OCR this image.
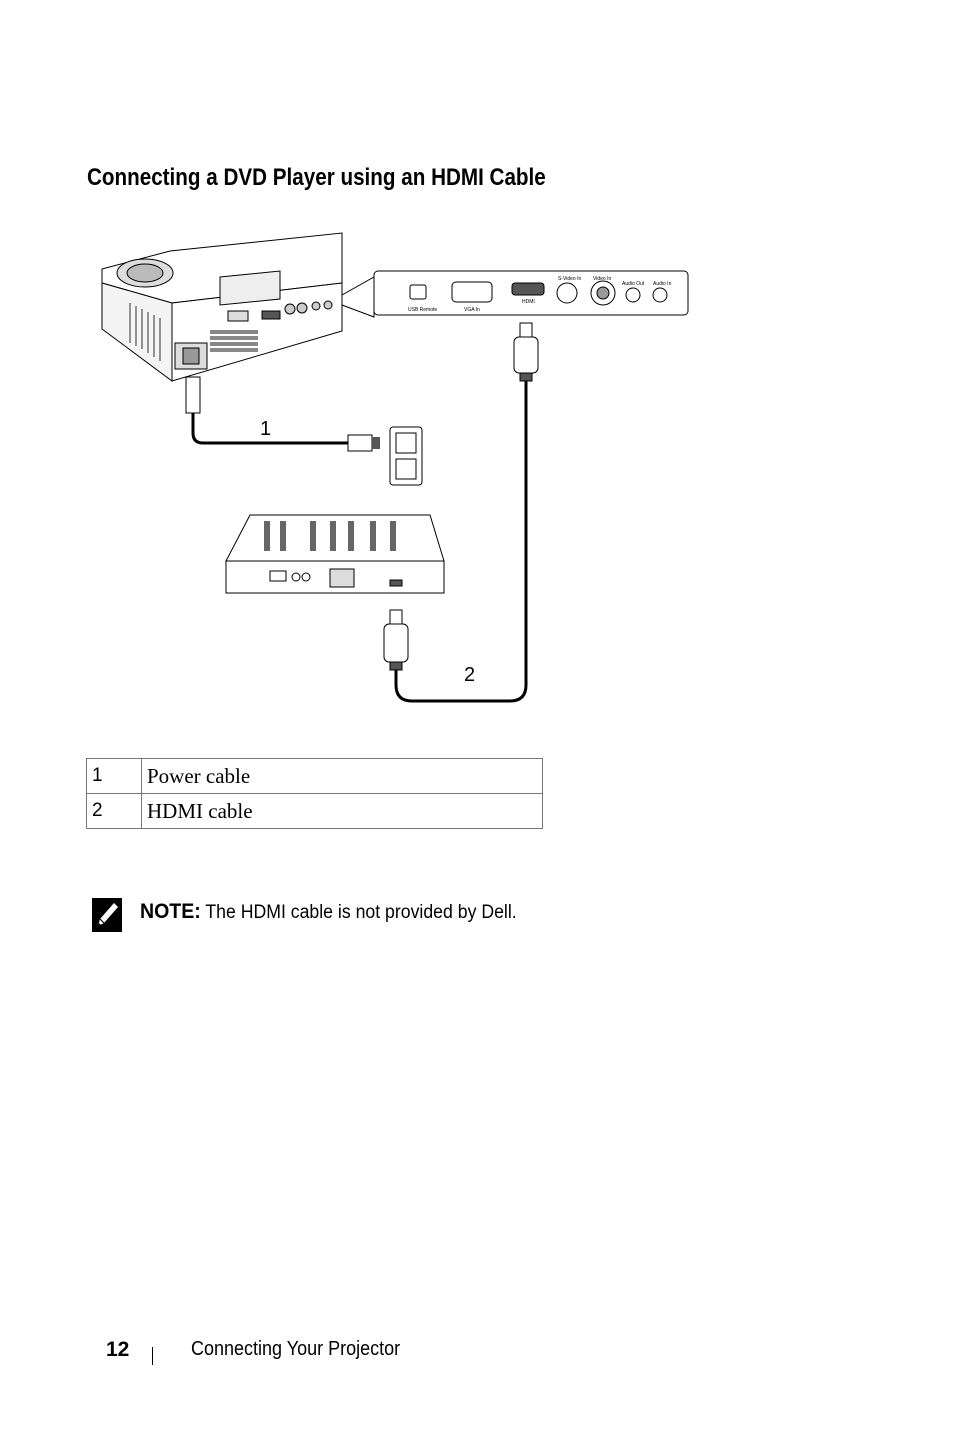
Connecting a DVD Player using an HDMI Cable
USB Remote	VGA In
HDMI
S-Video In Video In
Audio Out Audio In
1
2
1	Power cable
2	HDMI cable
NOTE: The HDMI cable is not provided by Dell.
12	Connecting Your Projector
